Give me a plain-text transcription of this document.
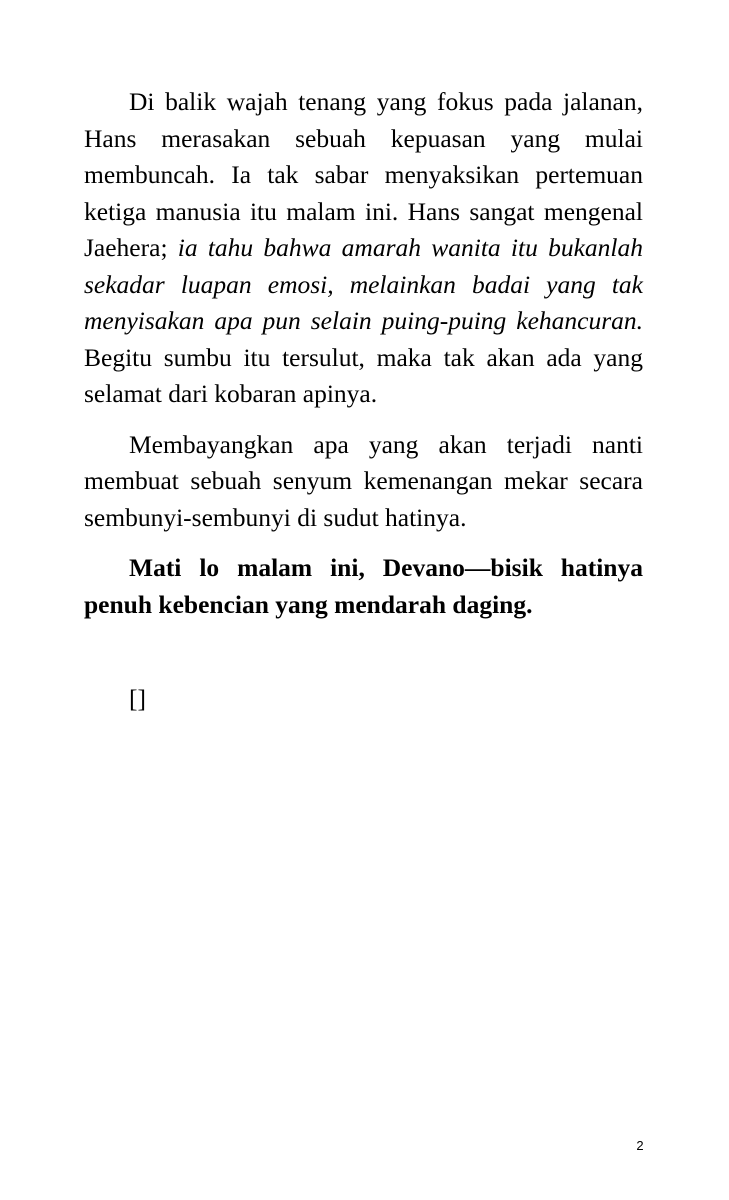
Di balik wajah tenang yang fokus pada jalanan, Hans merasakan sebuah kepuasan yang mulai membuncah. Ia tak sabar menyaksikan pertemuan ketiga manusia itu malam ini. Hans sangat mengenal Jaehera; ia tahu bahwa amarah wanita itu bukanlah sekadar luapan emosi, melainkan badai yang tak menyisakan apa pun selain puing-puing kehancuran. Begitu sumbu itu tersulut, maka tak akan ada yang selamat dari kobaran apinya.

Membayangkan apa yang akan terjadi nanti membuat sebuah senyum kemenangan mekar secara sembunyi-sembunyi di sudut hatinya.

Mati lo malam ini, Devano—bisik hatinya penuh kebencian yang mendarah daging.

[]
2
